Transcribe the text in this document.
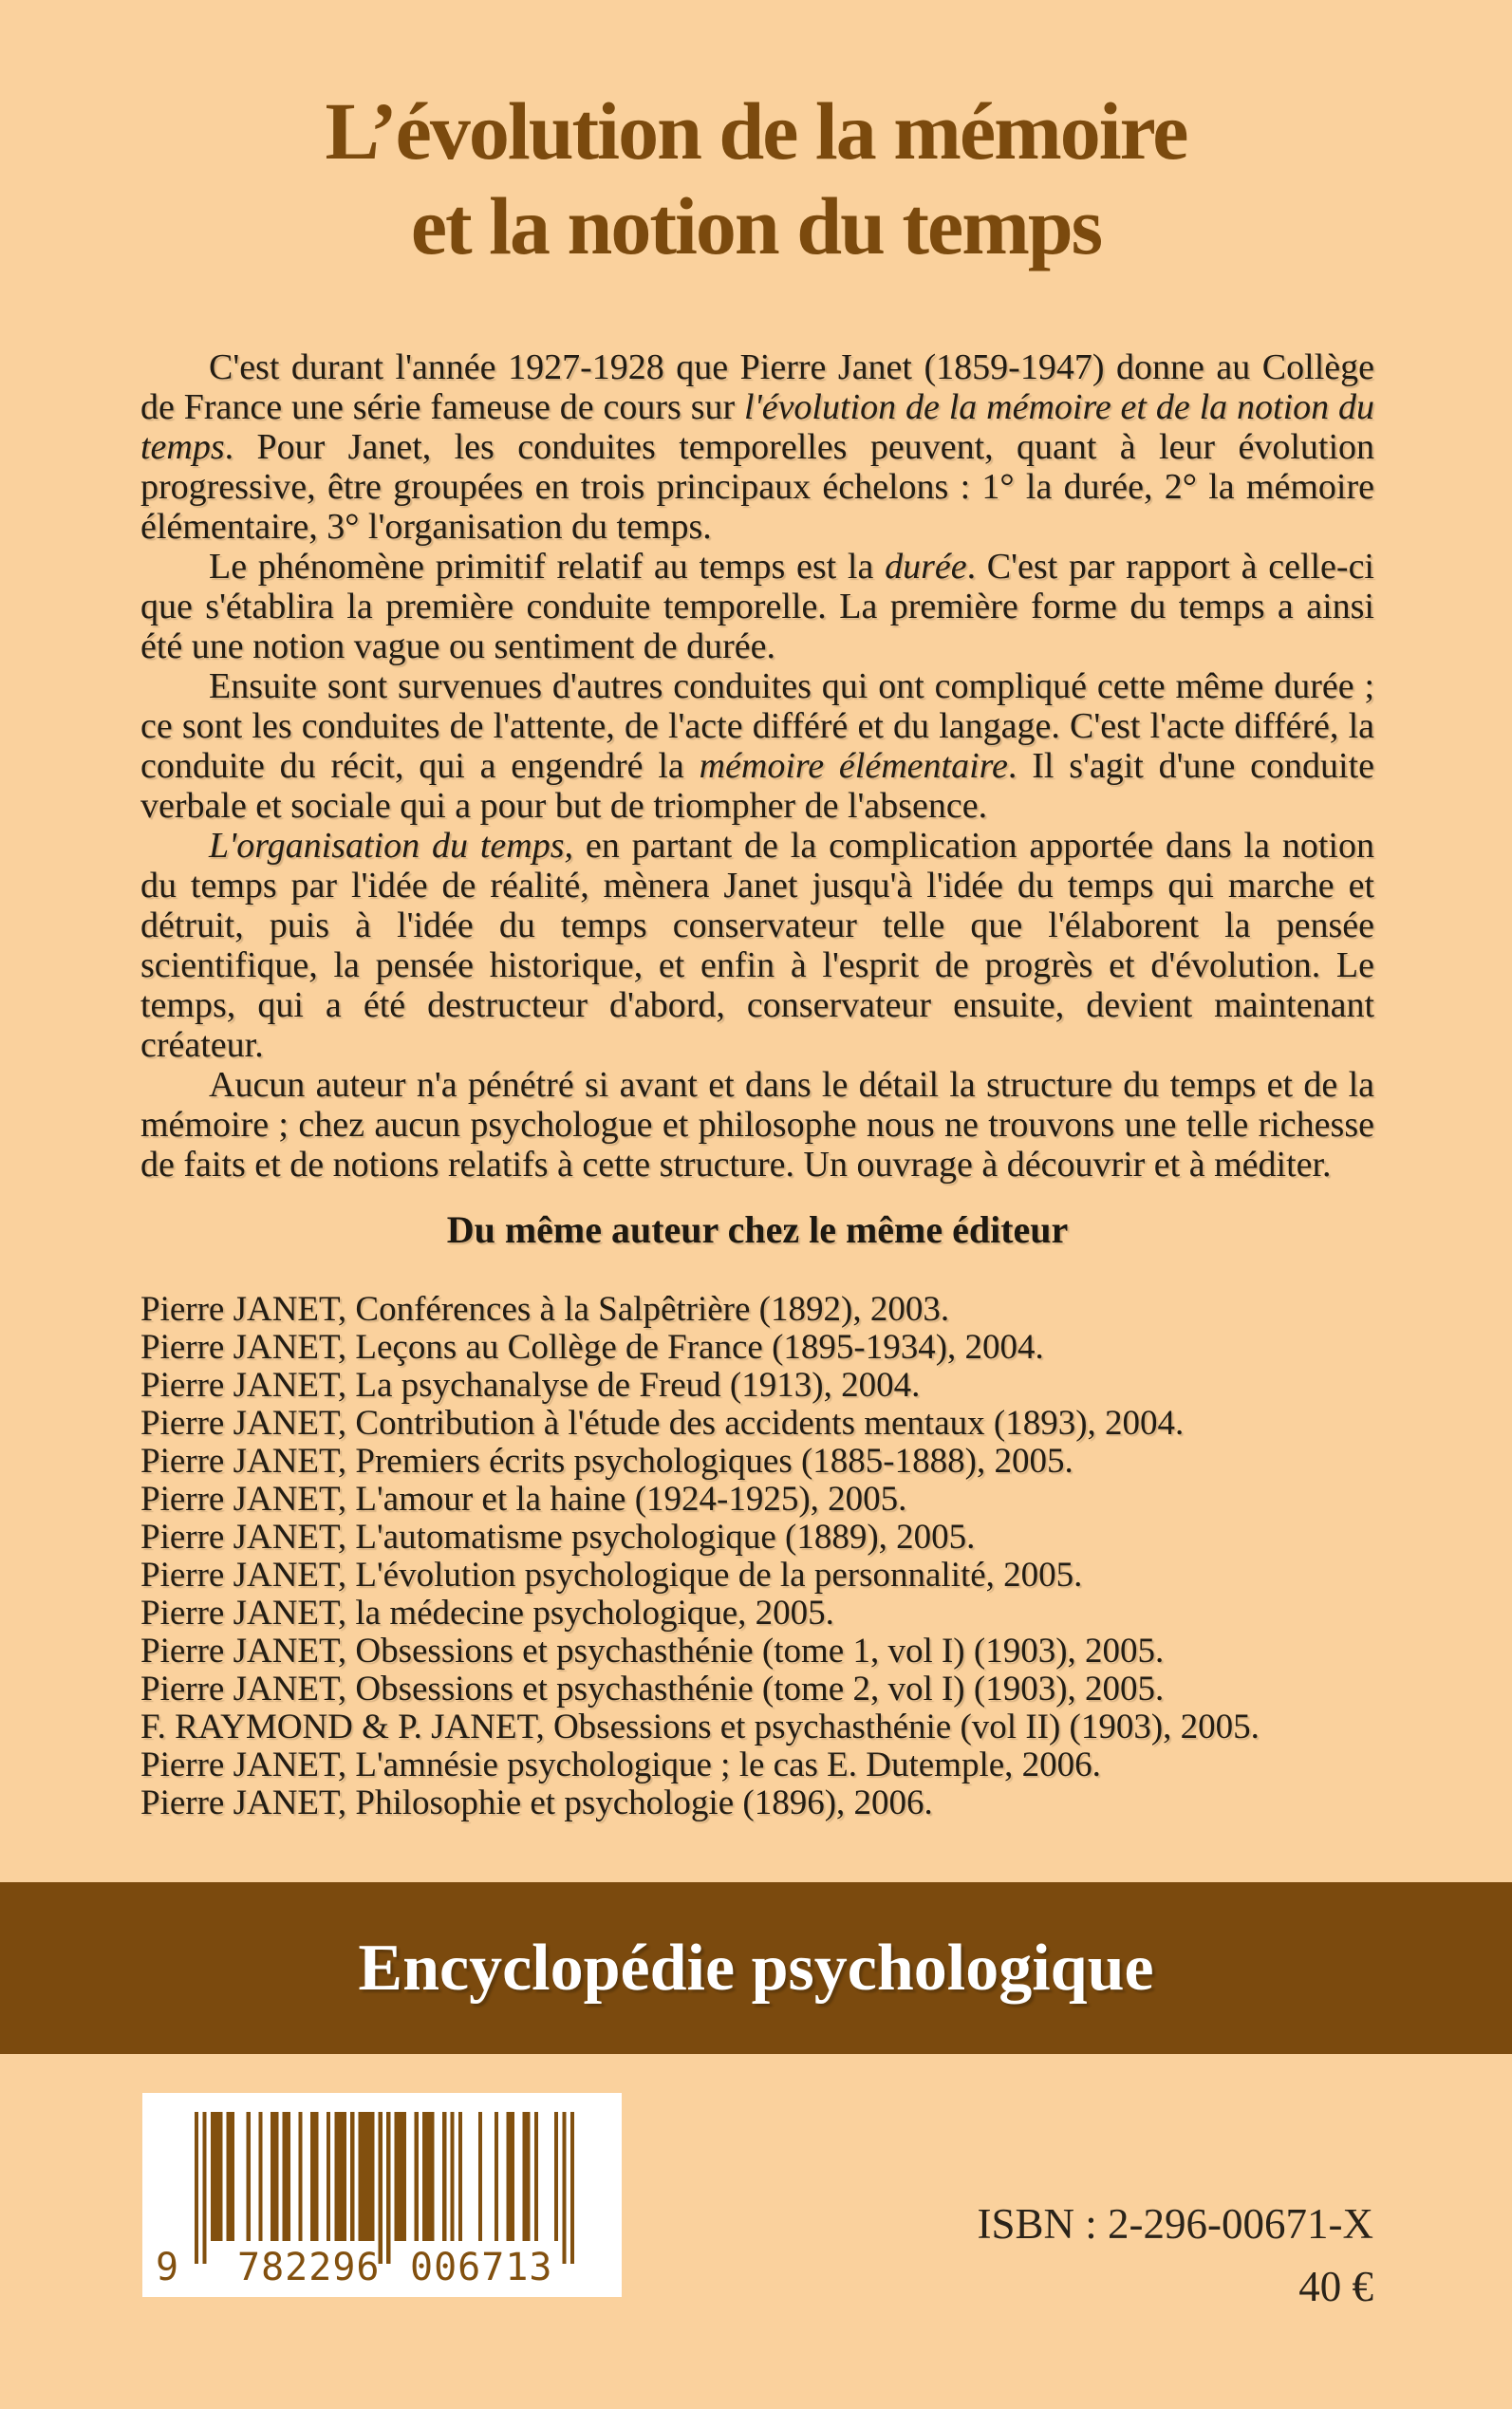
L’évolution de la mémoire
et la notion du temps

C'est durant l'année 1927-1928 que Pierre Janet (1859-1947) donne au Collège de France une série fameuse de cours sur l'évolution de la mémoire et de la notion du temps. Pour Janet, les conduites temporelles peuvent, quant à leur évolution progressive, être groupées en trois principaux échelons : 1° la durée, 2° la mémoire élémentaire, 3° l'organisation du temps.

Le phénomène primitif relatif au temps est la durée. C'est par rapport à celle-ci que s'établira la première conduite temporelle. La première forme du temps a ainsi été une notion vague ou sentiment de durée.

Ensuite sont survenues d'autres conduites qui ont compliqué cette même durée ; ce sont les conduites de l'attente, de l'acte différé et du langage. C'est l'acte différé, la conduite du récit, qui a engendré la mémoire élémentaire. Il s'agit d'une conduite verbale et sociale qui a pour but de triompher de l'absence.

L'organisation du temps, en partant de la complication apportée dans la notion du temps par l'idée de réalité, mènera Janet jusqu'à l'idée du temps qui marche et détruit, puis à l'idée du temps conservateur telle que l'élaborent la pensée scientifique, la pensée historique, et enfin à l'esprit de progrès et d'évolution. Le temps, qui a été destructeur d'abord, conservateur ensuite, devient maintenant créateur.

Aucun auteur n'a pénétré si avant et dans le détail la structure du temps et de la mémoire ; chez aucun psychologue et philosophe nous ne trouvons une telle richesse de faits et de notions relatifs à cette structure. Un ouvrage à découvrir et à méditer.

Du même auteur chez le même éditeur
Pierre JANET, Conférences à la Salpêtrière (1892), 2003.
Pierre JANET, Leçons au Collège de France (1895-1934), 2004.
Pierre JANET, La psychanalyse de Freud (1913), 2004.
Pierre JANET, Contribution à l'étude des accidents mentaux (1893), 2004.
Pierre JANET, Premiers écrits psychologiques (1885-1888), 2005.
Pierre JANET, L'amour et la haine (1924-1925), 2005.
Pierre JANET, L'automatisme psychologique (1889), 2005.
Pierre JANET, L'évolution psychologique de la personnalité, 2005.
Pierre JANET, la médecine psychologique, 2005.
Pierre JANET, Obsessions et psychasthénie (tome 1, vol I) (1903), 2005.
Pierre JANET, Obsessions et psychasthénie (tome 2, vol I) (1903), 2005.
F. RAYMOND & P. JANET, Obsessions et psychasthénie (vol II) (1903), 2005.
Pierre JANET, L'amnésie psychologique ; le cas E. Dutemple, 2006.
Pierre JANET, Philosophie et psychologie (1896), 2006.
Encyclopédie psychologique
9 782296 006713
ISBN : 2-296-00671-X
40 €
